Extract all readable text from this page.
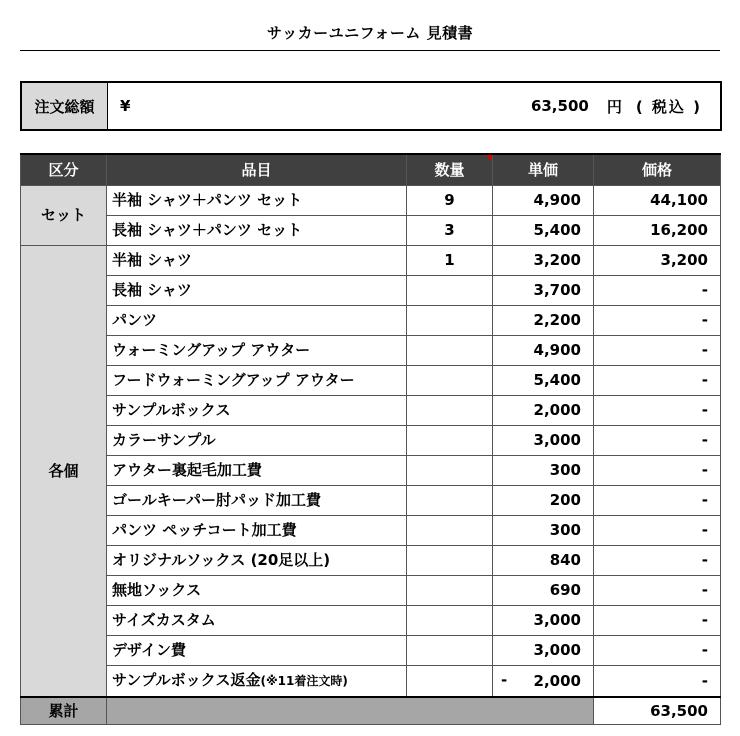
サッカーユニフォーム 見積書
注文総額	¥	63,500 円 ( 税込 )
区分	品目	数量	単価	価格
セット	半袖 シャツ＋パンツ セット	9	4,900	44,100
	長袖 シャツ＋パンツ セット	3	5,400	16,200
各個	半袖 シャツ	1	3,200	3,200
	長袖 シャツ		3,700	-
	パンツ		2,200	-
	ウォーミングアップ アウター		4,900	-
	フードウォーミングアップ アウター		5,400	-
	サンプルボックス		2,000	-
	カラーサンプル		3,000	-
	アウター裏起毛加工費		300	-
	ゴールキーパー肘パッド加工費		200	-
	パンツ ペッチコート加工費		300	-
	オリジナルソックス (20足以上)		840	-
	無地ソックス		690	-
	サイズカスタム		3,000	-
	デザイン費		3,000	-
	サンプルボックス返金(※11着注文時)		- 2,000	-
累計				63,500
